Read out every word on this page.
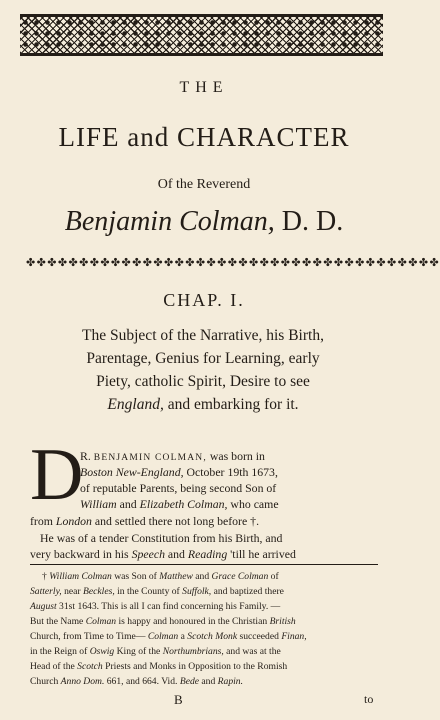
THE
LIFE and CHARACTER
Of the Reverend
Benjamin Colman, D. D.
✤✤✤✤✤✤✤✤✤✤✤✤✤✤✤✤✤✤✤✤✤✤✤✤✤✤✤✤✤✤✤✤✤✤✤✤✤✤✤
CHAP. I.
The Subject of the Narrative, his Birth,
Parentage, Genius for Learning, early
Piety, catholic Spirit, Desire to see
England, and embarking for it.
D
R. BENJAMIN COLMAN, was born in
Boston New-England, October 19th 1673,
of reputable Parents, being second Son of
William and Elizabeth Colman, who came
from London and settled there not long before †.
He was of a tender Constitution from his Birth, and
very backward in his Speech and Reading 'till he arrived
† William Colman was Son of Matthew and Grace Colman of
Satterly, near Beckles, in the County of Suffolk, and baptized there
August 31st 1643. This is all I can find concerning his Family. —
But the Name Colman is happy and honoured in the Christian British
Church, from Time to Time— Colman a Scotch Monk succeeded Finan,
in the Reign of Oswig King of the Northumbrians, and was at the
Head of the Scotch Priests and Monks in Opposition to the Romish
Church Anno Dom. 661, and 664. Vid. Bede and Rapin.
B	to
